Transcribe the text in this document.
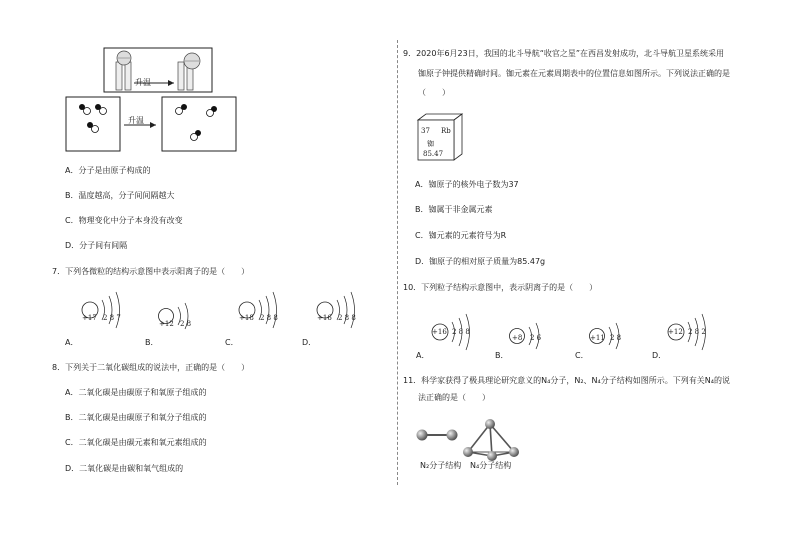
升温
升温
A．分子是由原子构成的
B．温度越高，分子间间隔越大
C．物理变化中分子本身没有改变
D．分子间有间隔
7．下列各微粒的结构示意图中表示阳离子的是（　　）
+17 2 8 7
A．
+12 2 8
B．
+18 2 8 8
C．
+16 2 8 8
D．
8．下列关于二氧化碳组成的说法中，正确的是（　　）
A．二氧化碳是由碳原子和氧原子组成的
B．二氧化碳是由碳原子和氧分子组成的
C．二氧化碳是由碳元素和氧元素组成的
D．二氧化碳是由碳和氧气组成的
9．2020年6月23日，我国的北斗导航“收官之星”在西昌发射成功，北斗导航卫星系统采用
铷原子钟提供精确时间。铷元素在元素周期表中的位置信息如图所示。下列说法正确的是
（　　）
37 Rb
铷
85.47
A．铷原子的核外电子数为37
B．铷属于非金属元素
C．铷元素的元素符号为R
D．铷原子的相对原子质量为85.47g
10．下列粒子结构示意图中，表示阴离子的是（　　）
+16 2 8 8
A．
+8 2 6
B．
+11 2 8
C．
+12 2 8 2
D．
11．科学家获得了极具理论研究意义的N₄分子，N₂、N₄分子结构如图所示。下列有关N₄的说
法正确的是（　　）
N₂分子结构 N₄分子结构
